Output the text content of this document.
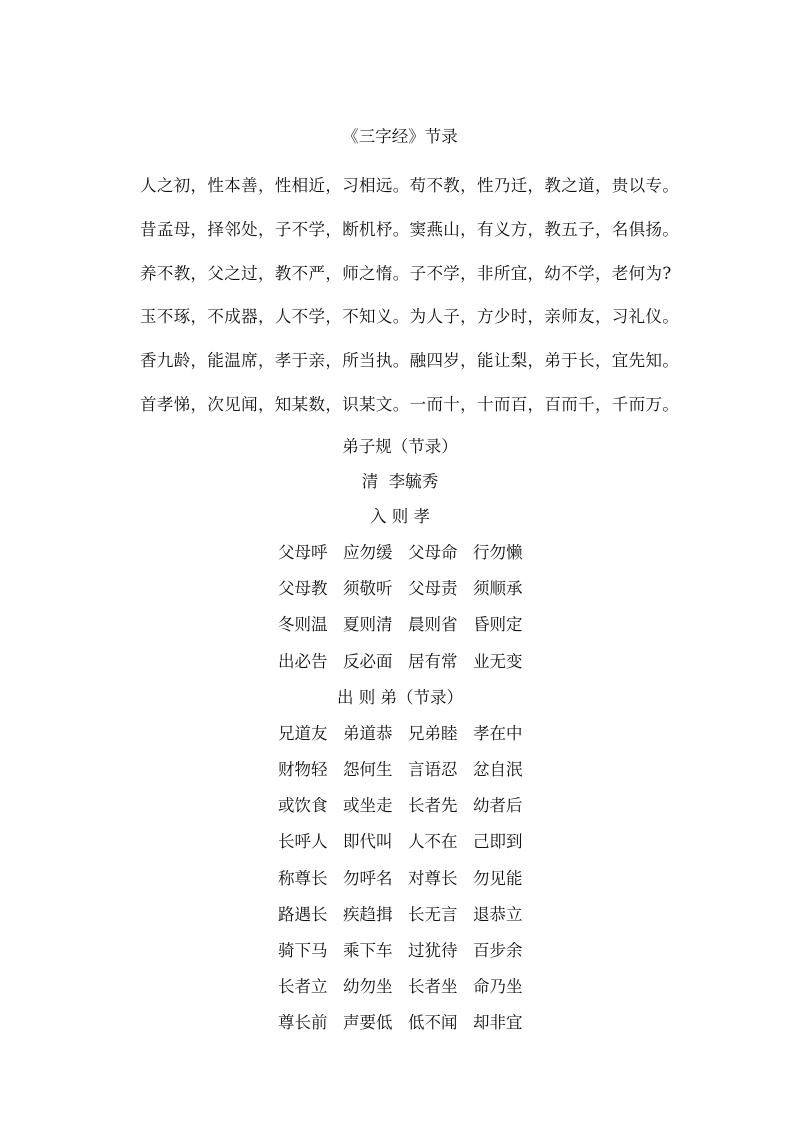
《三字经》节录
人之初，性本善，性相近，习相远。苟不教，性乃迁，教之道，贵以专。
昔孟母，择邻处，子不学，断机杼。窦燕山，有义方，教五子，名俱扬。
养不教，父之过，教不严，师之惰。子不学，非所宜，幼不学，老何为?
玉不琢，不成器，人不学，不知义。为人子，方少时，亲师友，习礼仪。
香九龄，能温席，孝于亲，所当执。融四岁，能让梨，弟于长，宜先知。
首孝悌，次见闻，知某数，识某文。一而十，十而百，百而千，千而万。
弟子规（节录）
清  李毓秀
入 则 孝
父母呼 应勿缓 父母命 行勿懒
父母教 须敬听 父母责 须顺承
冬则温 夏则清 晨则省 昏则定
出必告 反必面 居有常 业无变
出 则 弟（节录）
兄道友 弟道恭 兄弟睦 孝在中
财物轻 怨何生 言语忍 忿自泯
或饮食 或坐走 长者先 幼者后
长呼人 即代叫 人不在 己即到
称尊长 勿呼名 对尊长 勿见能
路遇长 疾趋揖 长无言 退恭立
骑下马 乘下车 过犹待 百步余
长者立 幼勿坐 长者坐 命乃坐
尊长前 声要低 低不闻 却非宜
